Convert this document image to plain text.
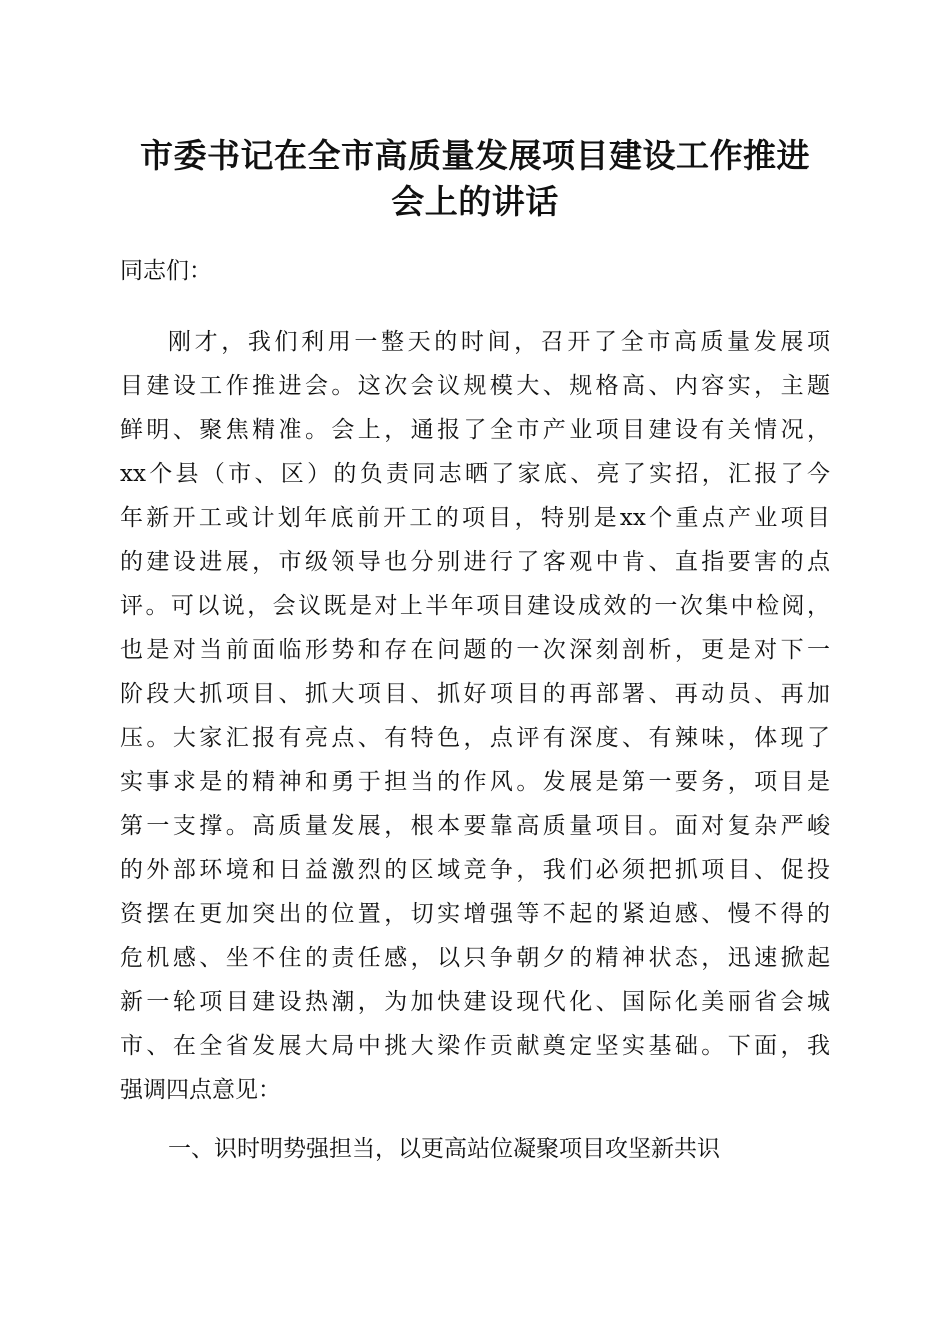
市委书记在全市高质量发展项目建设工作推进
会上的讲话

同志们：

刚才，我们利用一整天的时间，召开了全市高质量发展项
目建设工作推进会。这次会议规模大、规格高、内容实，主题
鲜明、聚焦精准。会上，通报了全市产业项目建设有关情况，
xx个县（市、区）的负责同志晒了家底、亮了实招，汇报了今
年新开工或计划年底前开工的项目，特别是xx个重点产业项目
的建设进展，市级领导也分别进行了客观中肯、直指要害的点
评。可以说，会议既是对上半年项目建设成效的一次集中检阅，
也是对当前面临形势和存在问题的一次深刻剖析，更是对下一
阶段大抓项目、抓大项目、抓好项目的再部署、再动员、再加
压。大家汇报有亮点、有特色，点评有深度、有辣味，体现了
实事求是的精神和勇于担当的作风。发展是第一要务，项目是
第一支撑。高质量发展，根本要靠高质量项目。面对复杂严峻
的外部环境和日益激烈的区域竞争，我们必须把抓项目、促投
资摆在更加突出的位置，切实增强等不起的紧迫感、慢不得的
危机感、坐不住的责任感，以只争朝夕的精神状态，迅速掀起
新一轮项目建设热潮，为加快建设现代化、国际化美丽省会城
市、在全省发展大局中挑大梁作贡献奠定坚实基础。下面，我
强调四点意见：

一、识时明势强担当，以更高站位凝聚项目攻坚新共识
